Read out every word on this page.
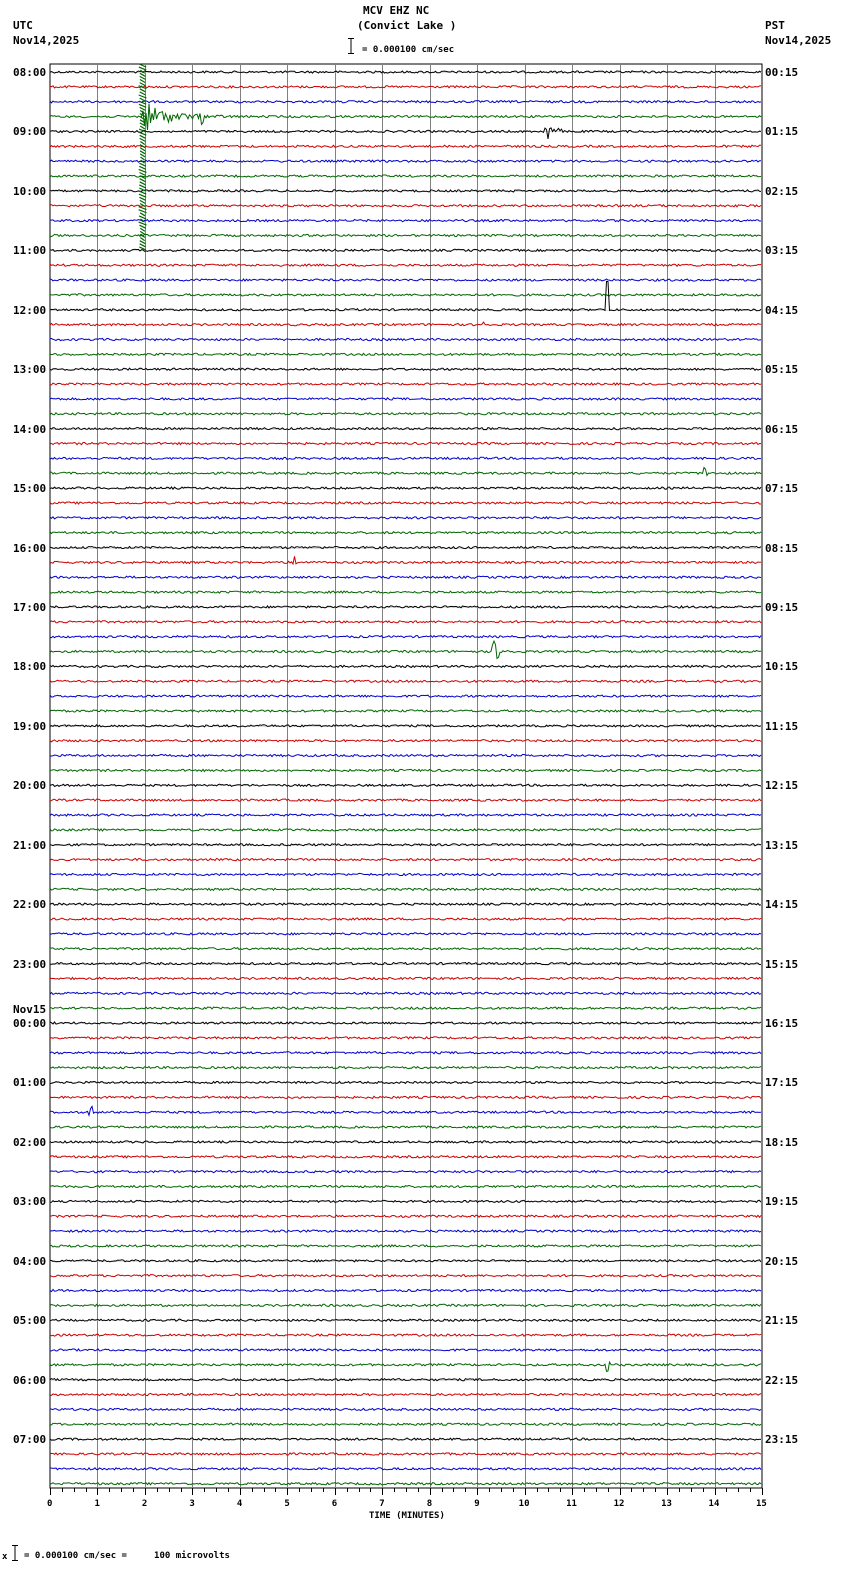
MCV EHZ NC
(Convict Lake )
= 0.000100 cm/sec
UTC
Nov14,2025
PST
Nov14,2025
08:00
09:00
10:00
11:00
12:00
13:00
14:00
15:00
16:00
17:00
18:00
19:00
20:00
21:00
22:00
23:00
00:00
Nov15
01:00
02:00
03:00
04:00
05:00
06:00
07:00
00:15
01:15
02:15
03:15
04:15
05:15
06:15
07:15
08:15
09:15
10:15
11:15
12:15
13:15
14:15
15:15
16:15
17:15
18:15
19:15
20:15
21:15
22:15
23:15
TIME (MINUTES)
0	1	2	3	4	5	6	7	8	9	10	11	12	13	14	15
x = 0.000100 cm/sec =     100 microvolts
